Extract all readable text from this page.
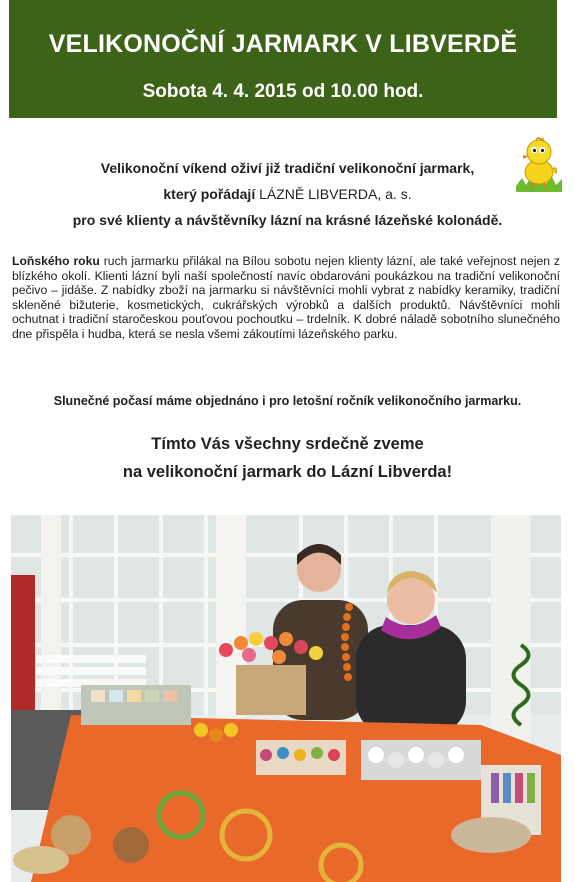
VELIKONOČNÍ JARMARK V LIBVERDĚ
Sobota 4. 4. 2015 od 10.00 hod.
Velikonoční víkend oživí již tradiční velikonoční jarmark,
který pořádají LÁZNĚ LIBVERDA, a. s.
pro své klienty a návštěvníky lázní na krásné lázeňské kolonádě.
Loňského roku ruch jarmarku přilákal na Bílou sobotu nejen klienty lázní, ale také veřejnost nejen z blízkého okolí. Klienti lázní byli naší společností navíc obdarováni poukázkou na tradiční velikonoční pečivo – jidáše. Z nabídky zboží na jarmarku si návštěvníci mohli vybrat z nabídky keramiky, tradiční skleněné bižuterie, kosmetických, cukrářských výrobků a dalších produktů. Návštěvníci mohli ochutnat i tradiční staročeskou pouťovou pochoutku – trdelník. K dobré náladě sobotního slunečného dne přispěla i hudba, která se nesla všemi zákoutími lázeňského parku.
Slunečné počasí máme objednáno i pro letošní ročník velikonočního jarmarku.
Tímto Vás všechny srdečně zveme
na velikonoční jarmark do Lázní Libverda!
